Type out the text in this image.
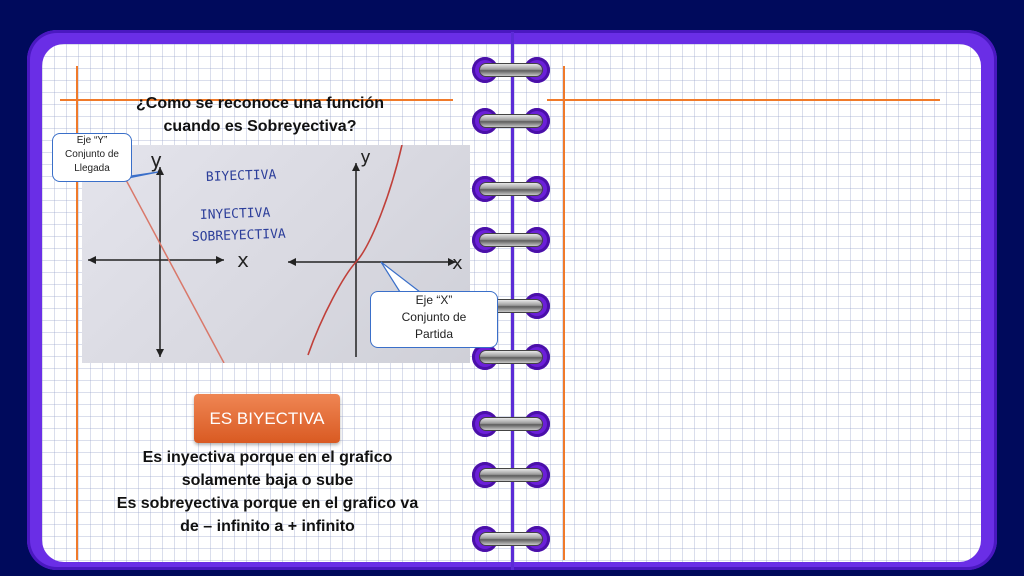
¿Como se reconoce una función
cuando es Sobreyectiva?
y
x
y
x
BIYECTIVA
INYECTIVA
SOBREYECTIVA
Eje “Y”
Conjunto de
Llegada
Eje “X”
Conjunto de
Partida
ES BIYECTIVA
Es inyectiva porque en el grafico
solamente baja o sube
Es sobreyectiva porque en el grafico va
de – infinito a + infinito
